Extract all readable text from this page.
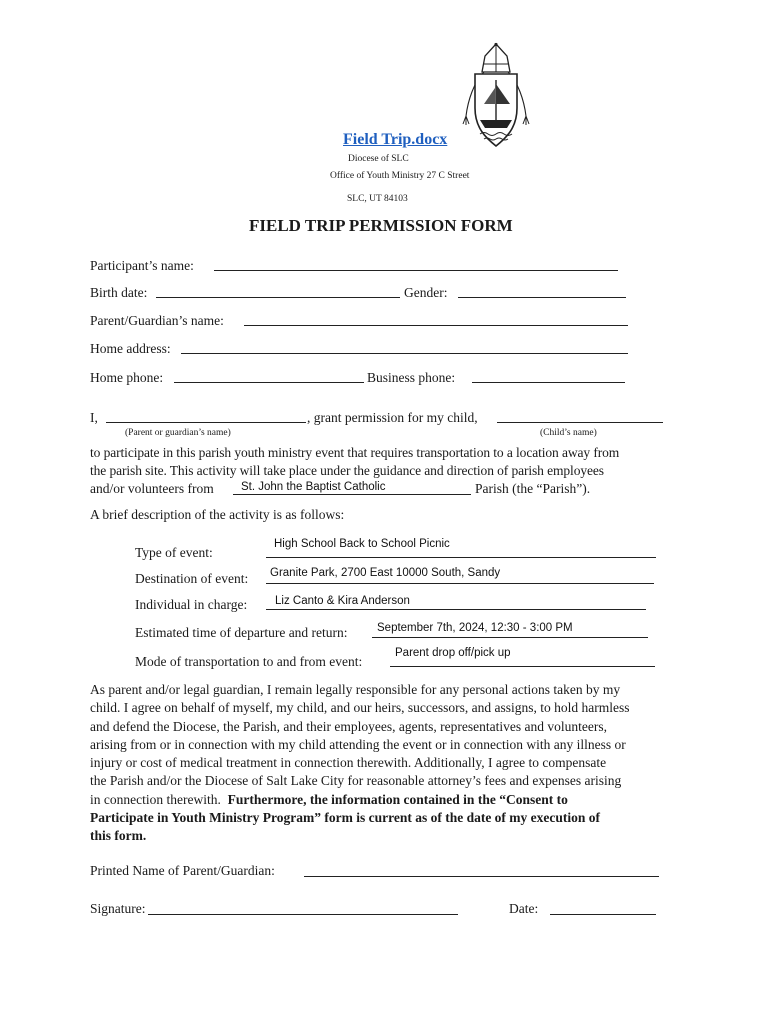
Field Trip.docx
Diocese of SLC
Office of Youth Ministry 27 C Street
SLC, UT 84103
FIELD TRIP PERMISSION FORM
Participant’s name:
Birth date:	Gender:
Parent/Guardian’s name:
Home address:
Home phone:	Business phone:
I,	, grant permission for my child,
(Parent or guardian’s name)	(Child’s name)
to participate in this parish youth ministry event that requires transportation to a location away from
the parish site. This activity will take place under the guidance and direction of parish employees
and/or volunteers from St. John the Baptist Catholic	Parish (the “Parish”).
A brief description of the activity is as follows:
Type of event:
High School Back to School Picnic
Destination of event: Granite Park, 2700 East 10000 South, Sandy
Individual in charge: Liz Canto & Kira Anderson
Estimated time of departure and return:	September 7th, 2024, 12:30 - 3:00 PM
Mode of transportation to and from event:
Parent drop off/pick up
As parent and/or legal guardian, I remain legally responsible for any personal actions taken by my
child. I agree on behalf of myself, my child, and our heirs, successors, and assigns, to hold harmless
and defend the Diocese, the Parish, and their employees, agents, representatives and volunteers,
arising from or in connection with my child attending the event or in connection with any illness or
injury or cost of medical treatment in connection therewith. Additionally, I agree to compensate
the Parish and/or the Diocese of Salt Lake City for reasonable attorney’s fees and expenses arising
in connection therewith. Furthermore, the information contained in the “Consent to
Participate in Youth Ministry Program” form is current as of the date of my execution of
this form.
Printed Name of Parent/Guardian:
Signature:	Date:
